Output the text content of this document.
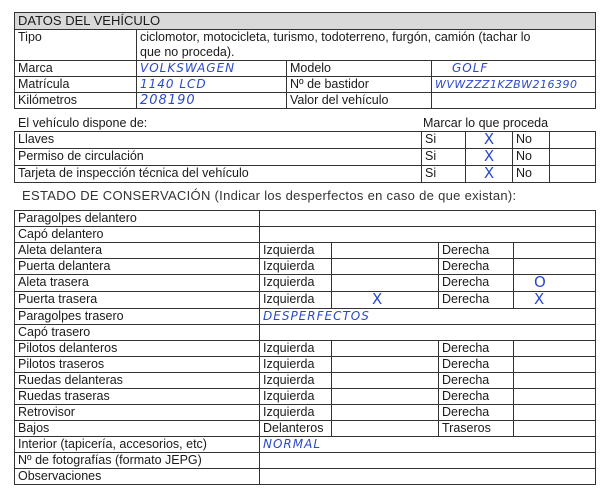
DATOS DEL VEHÍCULO			
Tipo	ciclomotor, motocicleta, turismo, todoterreno, furgón, camión (tachar lo
que no proceda).		

Marca	VOLKSWAGEN	Modelo	GOLF
Matrícula	1140 LCD	Nº de bastidor	WVWZZZ1KZBW216390
Kilómetros	208190	Valor del vehículo	
El vehículo dispone de:	Marcar lo que proceda
Llaves	Si	X	No	
Permiso de circulación	Si	X	No	
Tarjeta de inspección técnica del vehículo	Si	X	No	
ESTADO DE CONSERVACIÓN (Indicar los desperfectos en caso de que existan):
Paragolpes delantero				
Capó delantero				
Aleta delantera	Izquierda		Derecha	
Puerta delantera	Izquierda		Derecha	
Aleta trasera	Izquierda		Derecha	O
Puerta trasera	Izquierda	X	Derecha	X
Paragolpes trasero	DESPERFECTOS			
Capó trasero				
Pilotos delanteros	Izquierda		Derecha	
Pilotos traseros	Izquierda		Derecha	
Ruedas delanteras	Izquierda		Derecha	
Ruedas traseras	Izquierda		Derecha	
Retrovisor	Izquierda		Derecha	
Bajos	Delanteros		Traseros	
Interior (tapicería, accesorios, etc)	NORMAL			
Nº de fotografías (formato JEPG)				
Observaciones				
